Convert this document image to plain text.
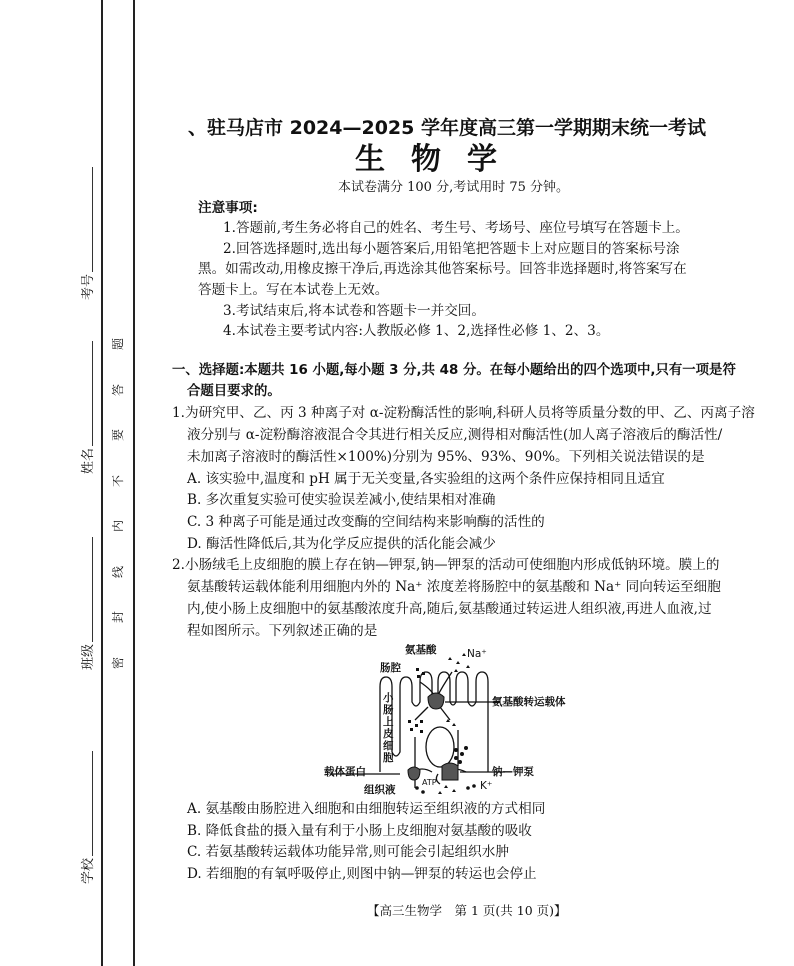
考号
姓名
班级
学校
密
封
线
内
不
要
答
题
、驻马店市 2024—2025 学年度高三第一学期期末统一考试
生物学
本试卷满分 100 分,考试用时 75 分钟。
注意事项:
1.答题前,考生务必将自己的姓名、考生号、考场号、座位号填写在答题卡上。
2.回答选择题时,选出每小题答案后,用铅笔把答题卡上对应题目的答案标号涂
黑。如需改动,用橡皮擦干净后,再选涂其他答案标号。回答非选择题时,将答案写在
答题卡上。写在本试卷上无效。
3.考试结束后,将本试卷和答题卡一并交回。
4.本试卷主要考试内容:人教版必修 1、2,选择性必修 1、2、3。
一、选择题:本题共 16 小题,每小题 3 分,共 48 分。在每小题给出的四个选项中,只有一项是符
合题目要求的。
1.为研究甲、乙、丙 3 种离子对 α-淀粉酶活性的影响,科研人员将等质量分数的甲、乙、丙离子溶
液分别与 α-淀粉酶溶液混合令其进行相关反应,测得相对酶活性(加人离子溶液后的酶活性/
未加离子溶液时的酶活性×100%)分别为 95%、93%、90%。下列相关说法错误的是
A. 该实验中,温度和 pH 属于无关变量,各实验组的这两个条件应保持相同且适宜
B. 多次重复实验可使实验误差减小,使结果相对准确
C. 3 种离子可能是通过改变酶的空间结构来影响酶的活性的
D. 酶活性降低后,其为化学反应提供的活化能会减少
2.小肠绒毛上皮细胞的膜上存在钠—钾泵,钠—钾泵的活动可使细胞内形成低钠环境。膜上的
氨基酸转运载体能利用细胞内外的 Na⁺ 浓度差将肠腔中的氨基酸和 Na⁺ 同向转运至细胞
内,使小肠上皮细胞中的氨基酸浓度升高,随后,氨基酸通过转运进人组织液,再进人血液,过
程如图所示。下列叙述正确的是
氨基酸	Na⁺
肠腔
氨基酸转运载体
小肠上皮细胞
载体蛋白	钠—钾泵
组织液
ATP	K⁺
A. 氨基酸由肠腔进入细胞和由细胞转运至组织液的方式相同
B. 降低食盐的摄入量有利于小肠上皮细胞对氨基酸的吸收
C. 若氨基酸转运载体功能异常,则可能会引起组织水肿
D. 若细胞的有氧呼吸停止,则图中钠—钾泵的转运也会停止
【高三生物学　第 1 页(共 10 页)】
